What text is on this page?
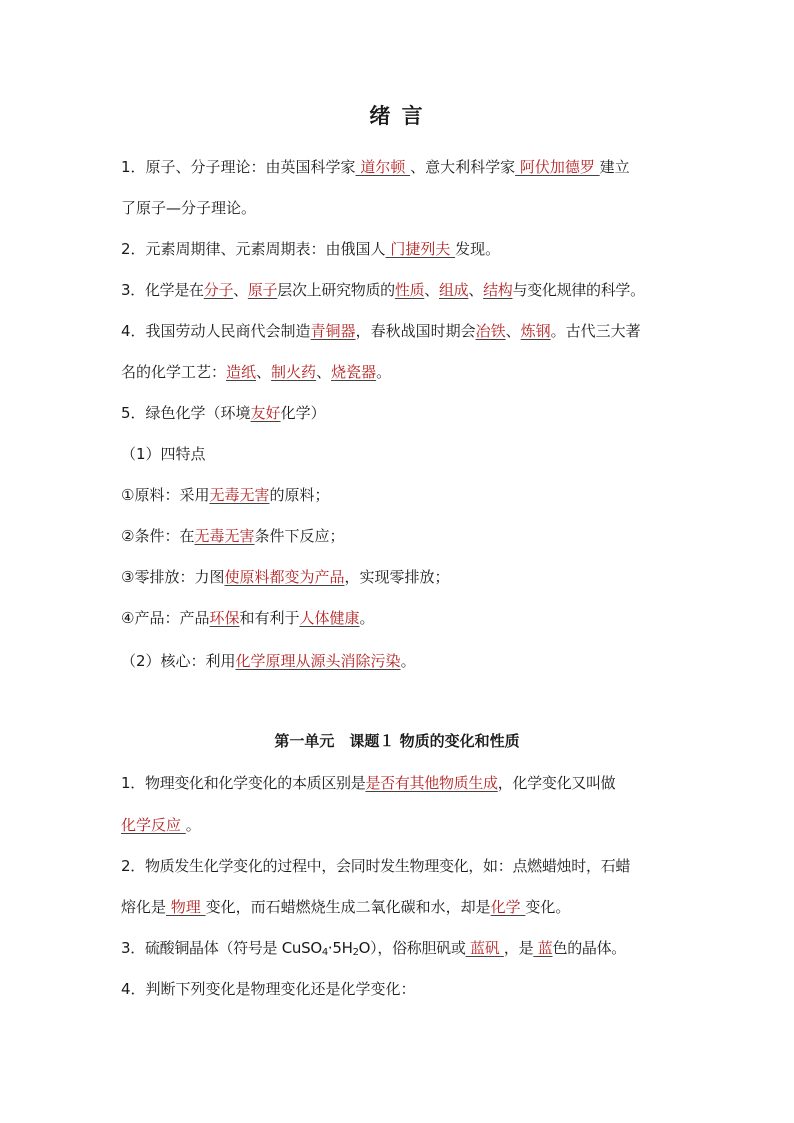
绪 言
1．原子、分子理论：由英国科学家 道尔顿 、意大利科学家 阿伏加德罗 建立
了原子—分子理论。
2．元素周期律、元素周期表：由俄国人 门捷列夫 发现。
3．化学是在分子、原子层次上研究物质的性质、组成、结构与变化规律的科学。
4．我国劳动人民商代会制造青铜器，春秋战国时期会冶铁、炼钢。古代三大著
名的化学工艺：造纸、制火药、烧瓷器。
5．绿色化学（环境友好化学）
（1）四特点
①原料：采用无毒无害的原料；
②条件：在无毒无害条件下反应；
③零排放：力图使原料都变为产品，实现零排放；
④产品：产品环保和有利于人体健康。
（2）核心：利用化学原理从源头消除污染。
第一单元　课题１ 物质的变化和性质
1．物理变化和化学变化的本质区别是是否有其他物质生成，化学变化又叫做
化学反应 。
2．物质发生化学变化的过程中，会同时发生物理变化，如：点燃蜡烛时，石蜡
熔化是 物理 变化，而石蜡燃烧生成二氧化碳和水，却是化学 变化。
3．硫酸铜晶体（符号是 $CuSO_4\cdot 5H_2O$），俗称胆矾或 蓝矾 ，是 蓝色的晶体。
4．判断下列变化是物理变化还是化学变化：
